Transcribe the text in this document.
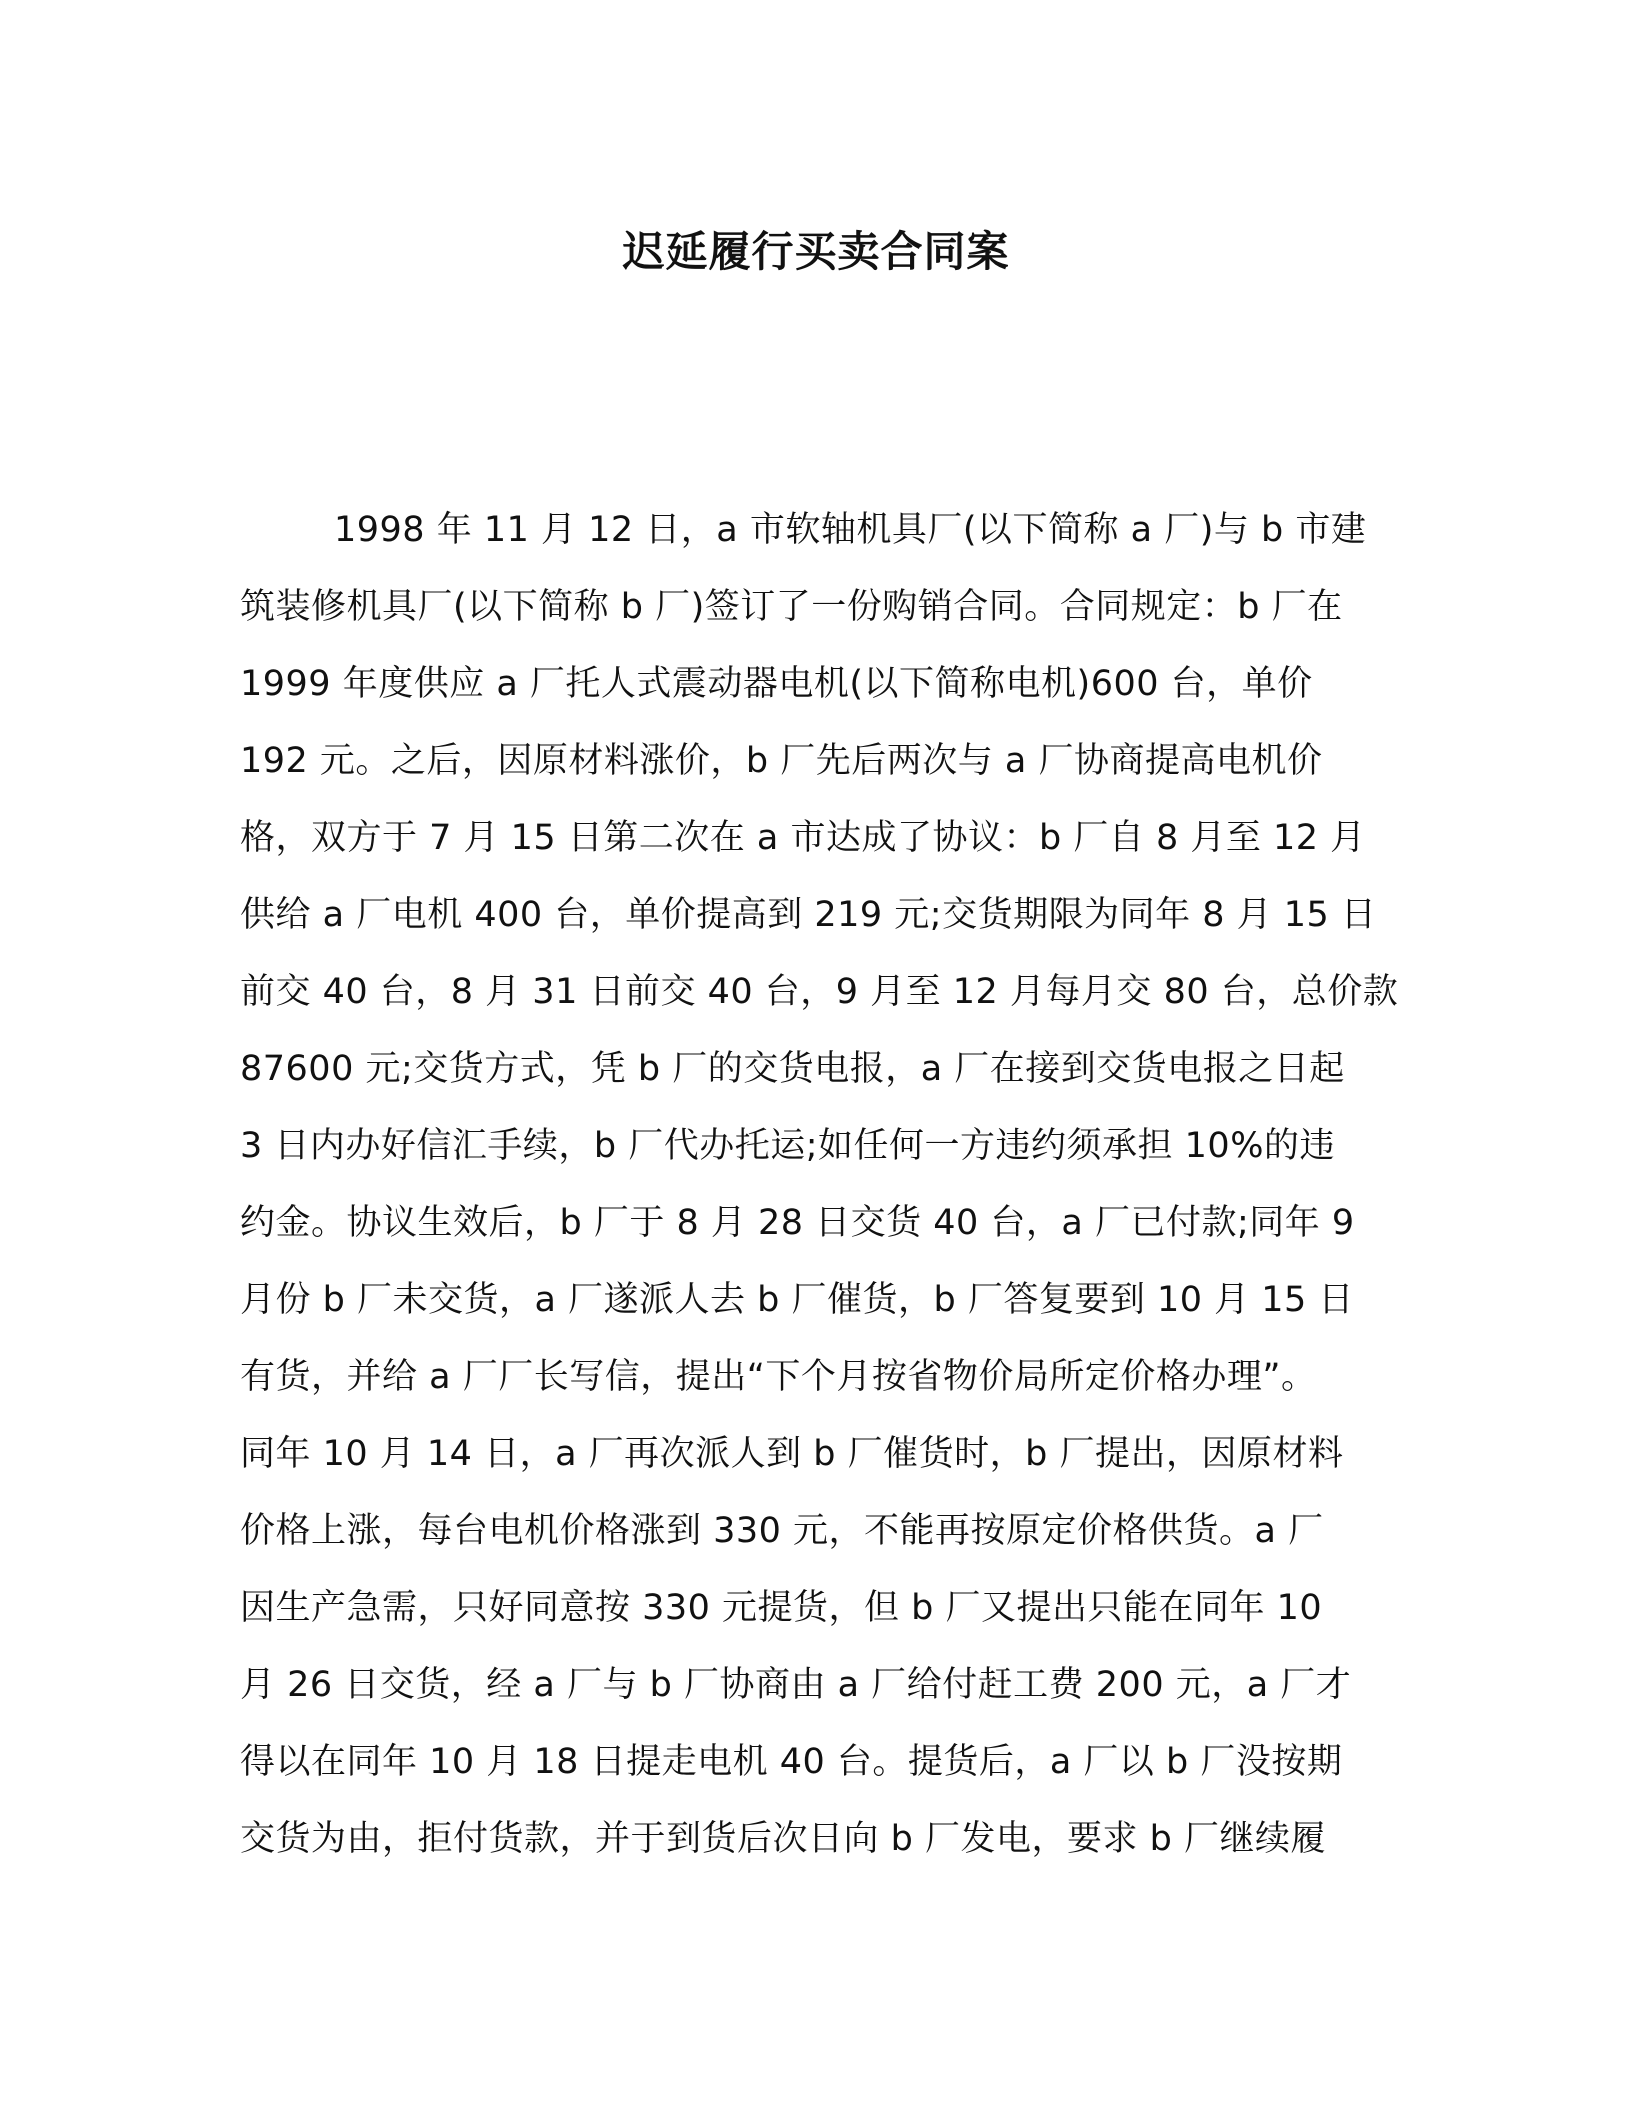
迟延履行买卖合同案
1998 年 11 月 12 日，a 市软轴机具厂(以下简称 a 厂)与 b 市建
筑装修机具厂(以下简称 b 厂)签订了一份购销合同。合同规定：b 厂在
1999 年度供应 a 厂托人式震动器电机(以下简称电机)600 台，单价
192 元。之后，因原材料涨价，b 厂先后两次与 a 厂协商提高电机价
格，双方于 7 月 15 日第二次在 a 市达成了协议：b 厂自 8 月至 12 月
供给 a 厂电机 400 台，单价提高到 219 元;交货期限为同年 8 月 15 日
前交 40 台，8 月 31 日前交 40 台，9 月至 12 月每月交 80 台，总价款
87600 元;交货方式，凭 b 厂的交货电报，a 厂在接到交货电报之日起
3 日内办好信汇手续，b 厂代办托运;如任何一方违约须承担 10%的违
约金。协议生效后，b 厂于 8 月 28 日交货 40 台，a 厂已付款;同年 9
月份 b 厂未交货，a 厂遂派人去 b 厂催货，b 厂答复要到 10 月 15 日
有货，并给 a 厂厂长写信，提出“下个月按省物价局所定价格办理”。
同年 10 月 14 日，a 厂再次派人到 b 厂催货时，b 厂提出，因原材料
价格上涨，每台电机价格涨到 330 元，不能再按原定价格供货。a 厂
因生产急需，只好同意按 330 元提货，但 b 厂又提出只能在同年 10
月 26 日交货，经 a 厂与 b 厂协商由 a 厂给付赶工费 200 元，a 厂才
得以在同年 10 月 18 日提走电机 40 台。提货后，a 厂以 b 厂没按期
交货为由，拒付货款，并于到货后次日向 b 厂发电，要求 b 厂继续履
